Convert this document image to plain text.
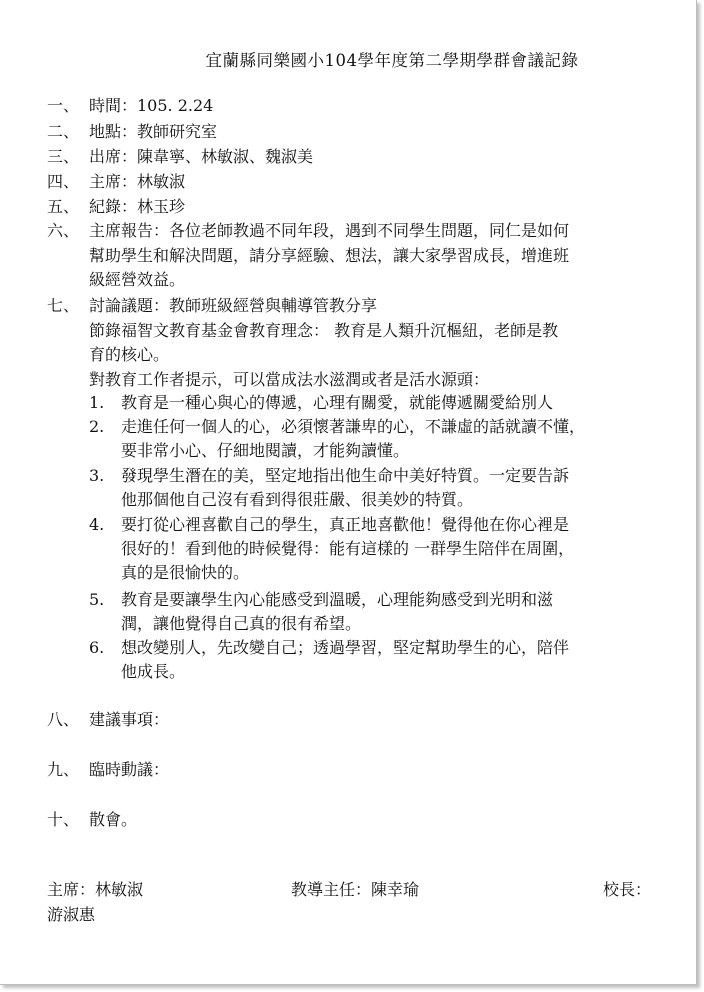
宜蘭縣同樂國小104學年度第二學期學群會議記錄
一、 時間：105. 2.24
二、 地點：教師研究室
三、 出席：陳韋寧、林敏淑、魏淑美
四、 主席：林敏淑
五、 紀錄：林玉珍
六、 主席報告：各位老師教過不同年段，遇到不同學生問題，同仁是如何
幫助學生和解決問題，請分享經驗、想法，讓大家學習成長，增進班
級經營效益。
七、 討論議題：教師班級經營與輔導管教分享
節錄福智文教育基金會教育理念： 教育是人類升沉樞紐，老師是教
育的核心。
對教育工作者提示，可以當成法水滋潤或者是活水源頭：
1. 教育是一種心與心的傳遞，心理有關愛，就能傳遞關愛給別人
2. 走進任何一個人的心，必須懷著謙卑的心，不謙虛的話就讀不懂，
要非常小心、仔細地閱讀，才能夠讀懂。
3. 發現學生潛在的美，堅定地指出他生命中美好特質。一定要告訴
他那個他自己沒有看到得很莊嚴、很美妙的特質。
4. 要打從心裡喜歡自己的學生，真正地喜歡他！覺得他在你心裡是
很好的！看到他的時候覺得：能有這樣的 一群學生陪伴在周圍，
真的是很愉快的。
5. 教育是要讓學生內心能感受到溫暖，心理能夠感受到光明和滋
潤，讓他覺得自己真的很有希望。
6. 想改變別人，先改變自己；透過學習，堅定幫助學生的心，陪伴
他成長。
八、 建議事項：
九、 臨時動議：
十、 散會。
主席：林敏淑	教導主任：陳幸瑜	校長：
游淑惠
